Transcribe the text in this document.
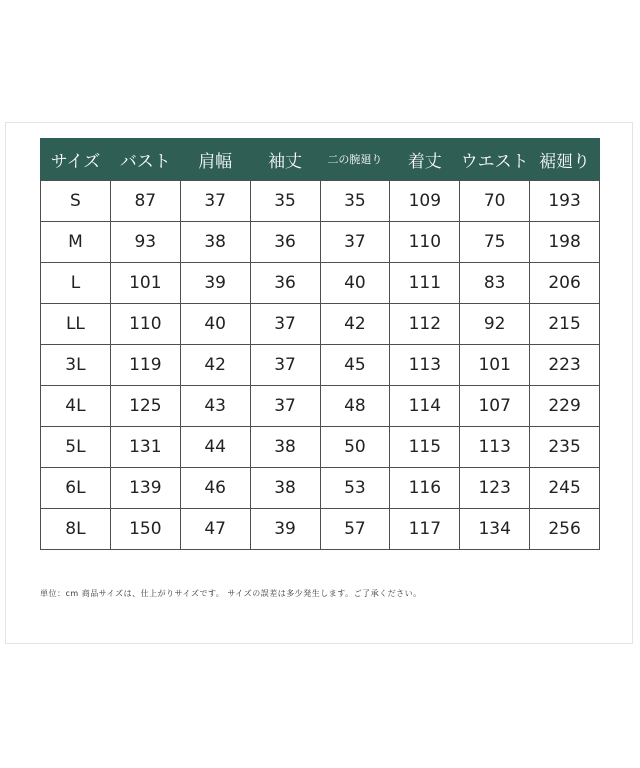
サイズ	バスト	肩幅	袖丈	二の腕廻り	着丈	ウエスト	裾廻り
S	87	37	35	35	109	70	193
M	93	38	36	37	110	75	198
L	101	39	36	40	111	83	206
LL	110	40	37	42	112	92	215
3L	119	42	37	45	113	101	223
4L	125	43	37	48	114	107	229
5L	131	44	38	50	115	113	235
6L	139	46	38	53	116	123	245
8L	150	47	39	57	117	134	256
単位：cm 商品サイズは、仕上がりサイズです。 サイズの誤差は多少発生します。ご了承ください。
